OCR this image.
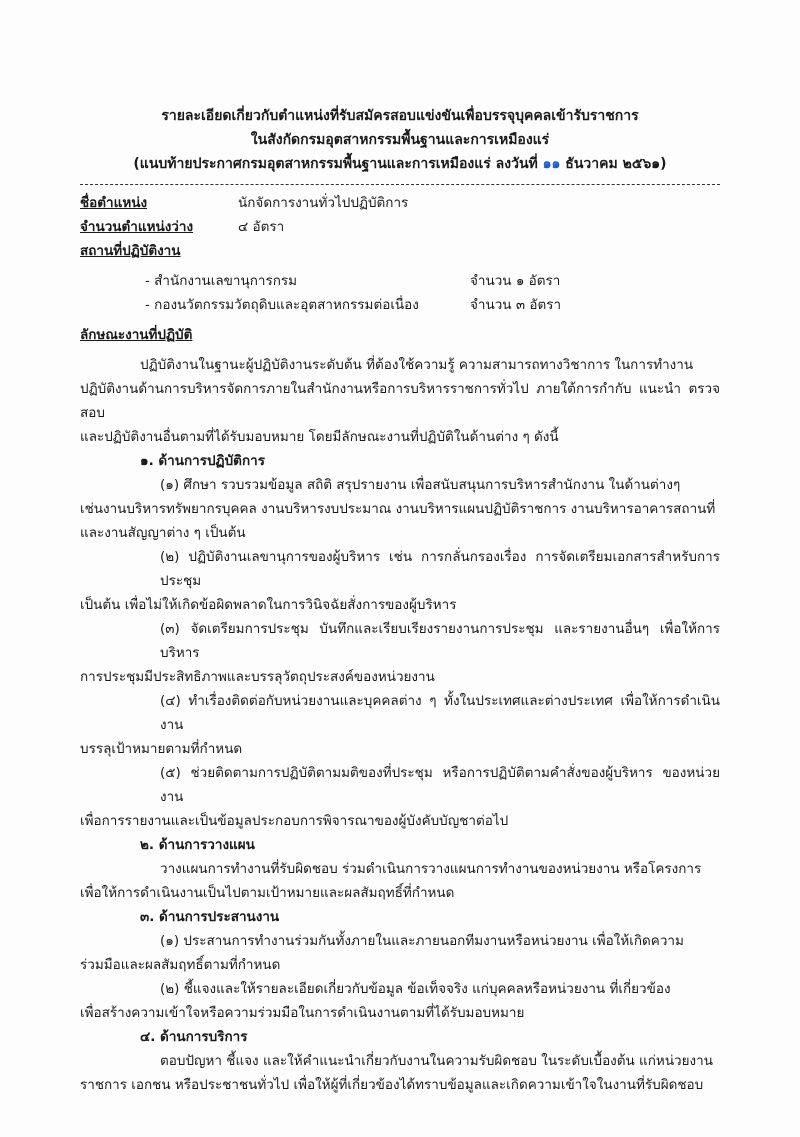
รายละเอียดเกี่ยวกับตำแหน่งที่รับสมัครสอบแข่งขันเพื่อบรรจุบุคคลเข้ารับราชการ
ในสังกัดกรมอุตสาหกรรมพื้นฐานและการเหมืองแร่
(แนบท้ายประกาศกรมอุตสาหกรรมพื้นฐานและการเหมืองแร่ ลงวันที่ ๑๑ ธันวาคม ๒๕๖๑)
ชื่อตำแหน่ง	นักจัดการงานทั่วไปปฏิบัติการ
จำนวนตำแหน่งว่าง	๔ อัตรา
สถานที่ปฏิบัติงาน
- สำนักงานเลขานุการกรม	จำนวน ๑ อัตรา
- กองนวัตกรรมวัตถุดิบและอุตสาหกรรมต่อเนื่อง	จำนวน ๓ อัตรา
ลักษณะงานที่ปฏิบัติ
ปฏิบัติงานในฐานะผู้ปฏิบัติงานระดับต้น ที่ต้องใช้ความรู้ ความสามารถทางวิชาการ ในการทำงาน
ปฏิบัติงานด้านการบริหารจัดการภายในสำนักงานหรือการบริหารราชการทั่วไป ภายใต้การกำกับ แนะนำ ตรวจสอบ
และปฏิบัติงานอื่นตามที่ได้รับมอบหมาย โดยมีลักษณะงานที่ปฏิบัติในด้านต่าง ๆ ดังนี้
๑. ด้านการปฏิบัติการ
(๑) ศึกษา รวบรวมข้อมูล สถิติ สรุปรายงาน เพื่อสนับสนุนการบริหารสำนักงาน ในด้านต่างๆ
เช่นงานบริหารทรัพยากรบุคคล งานบริหารงบประมาณ งานบริหารแผนปฏิบัติราชการ งานบริหารอาคารสถานที่
และงานสัญญาต่าง ๆ เป็นต้น
(๒) ปฏิบัติงานเลขานุการของผู้บริหาร เช่น การกลั่นกรองเรื่อง การจัดเตรียมเอกสารสำหรับการประชุม
เป็นต้น เพื่อไม่ให้เกิดข้อผิดพลาดในการวินิจฉัยสั่งการของผู้บริหาร
(๓) จัดเตรียมการประชุม บันทึกและเรียบเรียงรายงานการประชุม และรายงานอื่นๆ เพื่อให้การบริหาร
การประชุมมีประสิทธิภาพและบรรลุวัตถุประสงค์ของหน่วยงาน
(๔) ทำเรื่องติดต่อกับหน่วยงานและบุคคลต่าง ๆ ทั้งในประเทศและต่างประเทศ เพื่อให้การดำเนินงาน
บรรลุเป้าหมายตามที่กำหนด
(๕) ช่วยติดตามการปฏิบัติตามมติของที่ประชุม หรือการปฏิบัติตามคำสั่งของผู้บริหาร ของหน่วยงาน
เพื่อการรายงานและเป็นข้อมูลประกอบการพิจารณาของผู้บังคับบัญชาต่อไป
๒. ด้านการวางแผน
วางแผนการทำงานที่รับผิดชอบ ร่วมดำเนินการวางแผนการทำงานของหน่วยงาน หรือโครงการ
เพื่อให้การดำเนินงานเป็นไปตามเป้าหมายและผลสัมฤทธิ์ที่กำหนด
๓. ด้านการประสานงาน
(๑) ประสานการทำงานร่วมกันทั้งภายในและภายนอกทีมงานหรือหน่วยงาน เพื่อให้เกิดความ
ร่วมมือและผลสัมฤทธิ์ตามที่กำหนด
(๒) ชี้แจงและให้รายละเอียดเกี่ยวกับข้อมูล ข้อเท็จจริง แก่บุคคลหรือหน่วยงาน ที่เกี่ยวข้อง
เพื่อสร้างความเข้าใจหรือความร่วมมือในการดำเนินงานตามที่ได้รับมอบหมาย
๔. ด้านการบริการ
ตอบปัญหา ชี้แจง และให้คำแนะนำเกี่ยวกับงานในความรับผิดชอบ ในระดับเบื้องต้น แก่หน่วยงาน
ราชการ เอกชน หรือประชาชนทั่วไป เพื่อให้ผู้ที่เกี่ยวข้องได้ทราบข้อมูลและเกิดความเข้าใจในงานที่รับผิดชอบ
